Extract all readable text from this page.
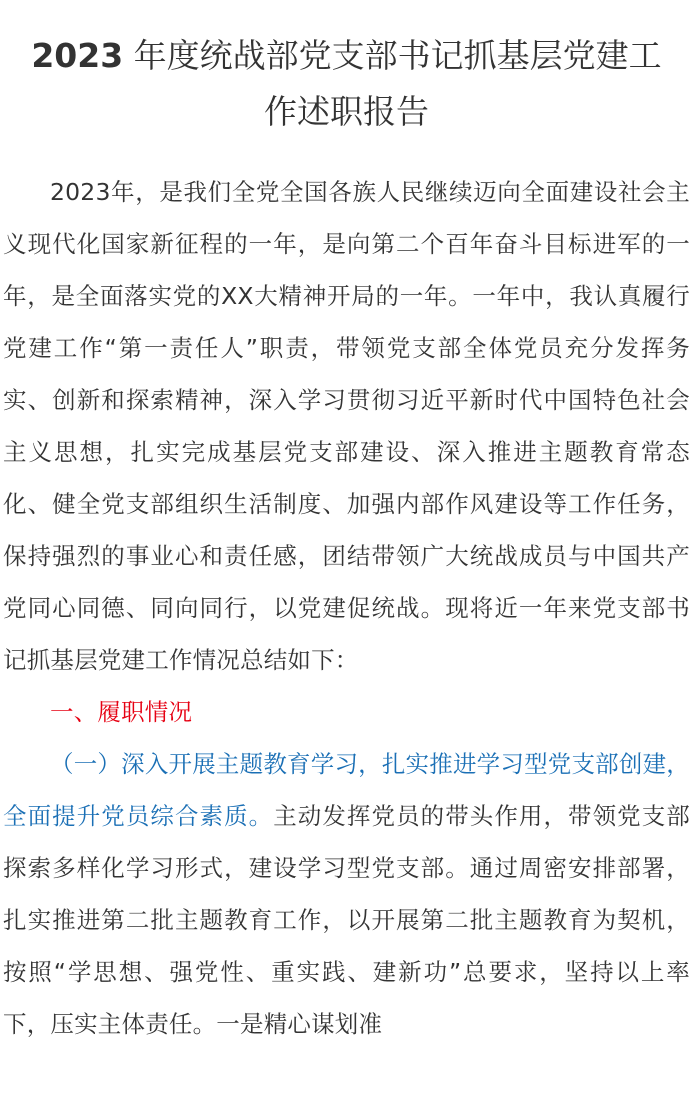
2023 年度统战部党支部书记抓基层党建工
作述职报告

2023年，是我们全党全国各族人民继续迈向全面建设社会主义现代化国家新征程的一年，是向第二个百年奋斗目标进军的一年，是全面落实党的XX大精神开局的一年。一年中，我认真履行党建工作“第一责任人”职责，带领党支部全体党员充分发挥务实、创新和探索精神，深入学习贯彻习近平新时代中国特色社会主义思想，扎实完成基层党支部建设、深入推进主题教育常态化、健全党支部组织生活制度、加强内部作风建设等工作任务，保持强烈的事业心和责任感，团结带领广大统战成员与中国共产党同心同德、同向同行，以党建促统战。现将近一年来党支部书记抓基层党建工作情况总结如下：

一、履职情况

（一）深入开展主题教育学习，扎实推进学习型党支部创建，全面提升党员综合素质。主动发挥党员的带头作用，带领党支部探索多样化学习形式，建设学习型党支部。通过周密安排部署，扎实推进第二批主题教育工作，以开展第二批主题教育为契机，按照“学思想、强党性、重实践、建新功”总要求，坚持以上率下，压实主体责任。一是精心谋划准
